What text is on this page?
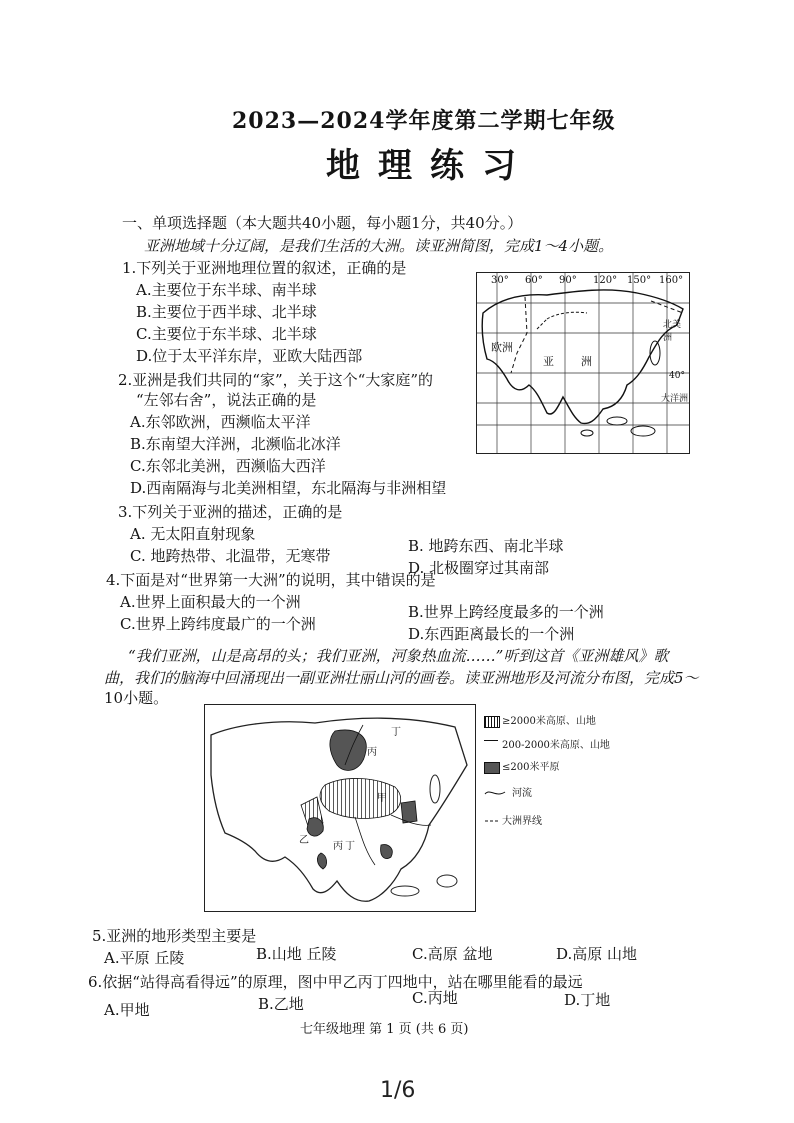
2023—2024学年度第二学期七年级
地理练习
一、单项选择题（本大题共40小题，每小题1分，共40分。）
亚洲地域十分辽阔，是我们生活的大洲。读亚洲简图，完成1～4小题。
1.下列关于亚洲地理位置的叙述，正确的是
A.主要位于东半球、南半球
B.主要位于西半球、北半球
C.主要位于东半球、北半球
D.位于太平洋东岸，亚欧大陆西部
2.亚洲是我们共同的“家”，关于这个“大家庭”的
“左邻右舍”，说法正确的是
A.东邻欧洲，西濒临太平洋
B.东南望大洋洲，北濒临北冰洋
C.东邻北美洲，西濒临大西洋
D.西南隔海与北美洲相望，东北隔海与非洲相望
3.下列关于亚洲的描述，正确的是
A. 无太阳直射现象
B. 地跨东西、南北半球
C. 地跨热带、北温带，无寒带
D. 北极圈穿过其南部
4.下面是对“世界第一大洲”的说明，其中错误的是
A.世界上面积最大的一个洲
B.世界上跨经度最多的一个洲
C.世界上跨纬度最广的一个洲
D.东西距离最长的一个洲
“我们亚洲，山是高昂的头；我们亚洲，河象热血流……”听到这首《亚洲雄风》歌
曲，我们的脑海中回涌现出一副亚洲壮丽山河的画卷。读亚洲地形及河流分布图，完成5～
10小题。
30° 60° 90° 120° 150° 160°
欧洲
亚 洲
北美洲
40°
大洋洲
丁
丙
甲
乙
丙 丁
≥2000米高原、山地
200-2000米高原、山地
≤200米平原
河流
大洲界线
5.亚洲的地形类型主要是
A.平原 丘陵	B.山地 丘陵	C.高原 盆地	D.高原 山地
6.依据“站得高看得远”的原理，图中甲乙丙丁四地中，站在哪里能看的最远
A.甲地	B.乙地	C.丙地	D.丁地
七年级地理 第 1 页 (共 6 页)
1/6
